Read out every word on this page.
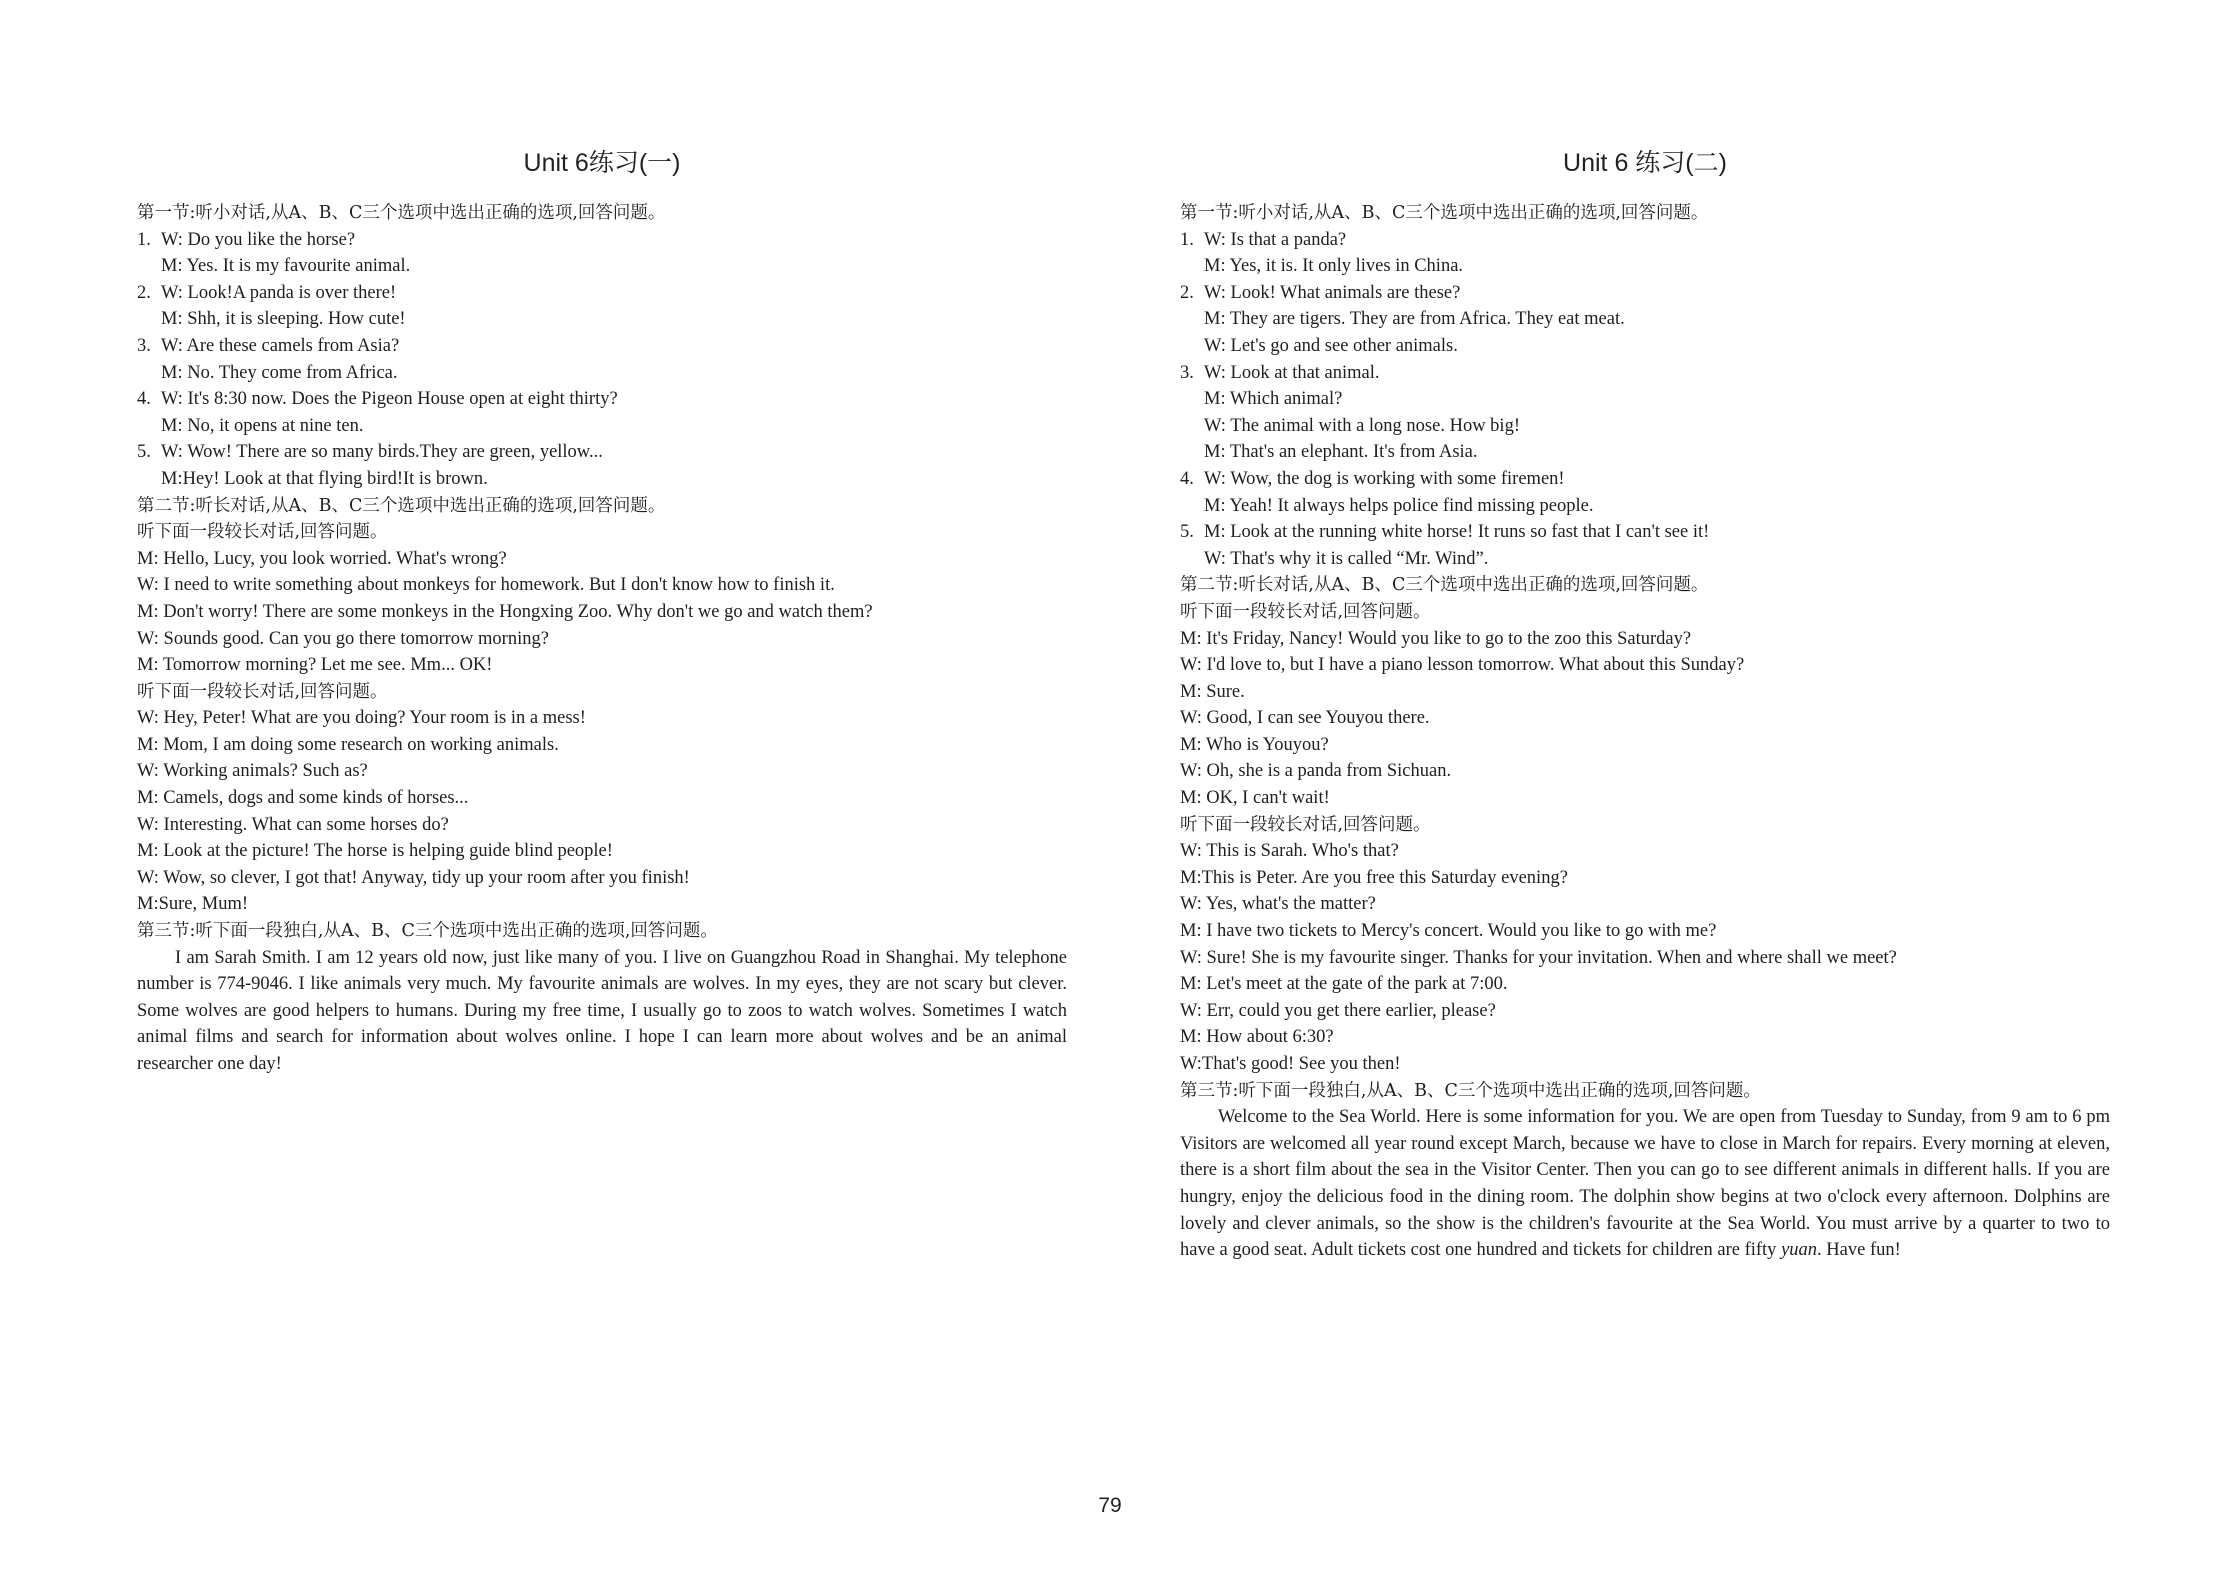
Unit 6练习(一)
第一节:听小对话,从A、B、C三个选项中选出正确的选项,回答问题。
1. W: Do you like the horse?
M: Yes. It is my favourite animal.
2. W: Look!A panda is over there!
M: Shh, it is sleeping. How cute!
3. W: Are these camels from Asia?
M: No. They come from Africa.
4. W: It's 8:30 now. Does the Pigeon House open at eight thirty?
M: No, it opens at nine ten.
5. W: Wow! There are so many birds.They are green, yellow...
M:Hey! Look at that flying bird!It is brown.
第二节:听长对话,从A、B、C三个选项中选出正确的选项,回答问题。
听下面一段较长对话,回答问题。
M: Hello, Lucy, you look worried. What's wrong?
W: I need to write something about monkeys for homework. But I don't know how to finish it.
M: Don't worry! There are some monkeys in the Hongxing Zoo. Why don't we go and watch them?
W: Sounds good. Can you go there tomorrow morning?
M: Tomorrow morning? Let me see. Mm... OK!
听下面一段较长对话,回答问题。
W: Hey, Peter! What are you doing? Your room is in a mess!
M: Mom, I am doing some research on working animals.
W: Working animals? Such as?
M: Camels, dogs and some kinds of horses...
W: Interesting. What can some horses do?
M: Look at the picture! The horse is helping guide blind people!
W: Wow, so clever, I got that! Anyway, tidy up your room after you finish!
M:Sure, Mum!
第三节:听下面一段独白,从A、B、C三个选项中选出正确的选项,回答问题。

I am Sarah Smith. I am 12 years old now, just like many of you. I live on Guangzhou Road in Shanghai. My telephone number is 774-9046. I like animals very much. My favourite animals are wolves. In my eyes, they are not scary but clever. Some wolves are good helpers to humans. During my free time, I usually go to zoos to watch wolves. Sometimes I watch animal films and search for information about wolves online. I hope I can learn more about wolves and be an animal researcher one day!

Unit 6 练习(二)
第一节:听小对话,从A、B、C三个选项中选出正确的选项,回答问题。
1. W: Is that a panda?
M: Yes, it is. It only lives in China.
2. W: Look! What animals are these?
M: They are tigers. They are from Africa. They eat meat.
W: Let's go and see other animals.
3. W: Look at that animal.
M: Which animal?
W: The animal with a long nose. How big!
M: That's an elephant. It's from Asia.
4. W: Wow, the dog is working with some firemen!
M: Yeah! It always helps police find missing people.
5. M: Look at the running white horse! It runs so fast that I can't see it!
W: That's why it is called “Mr. Wind”.
第二节:听长对话,从A、B、C三个选项中选出正确的选项,回答问题。
听下面一段较长对话,回答问题。
M: It's Friday, Nancy! Would you like to go to the zoo this Saturday?
W: I'd love to, but I have a piano lesson tomorrow. What about this Sunday?
M: Sure.
W: Good, I can see Youyou there.
M: Who is Youyou?
W: Oh, she is a panda from Sichuan.
M: OK, I can't wait!
听下面一段较长对话,回答问题。
W: This is Sarah. Who's that?
M:This is Peter. Are you free this Saturday evening?
W: Yes, what's the matter?
M: I have two tickets to Mercy's concert. Would you like to go with me?
W: Sure! She is my favourite singer. Thanks for your invitation. When and where shall we meet?
M: Let's meet at the gate of the park at 7:00.
W: Err, could you get there earlier, please?
M: How about 6:30?
W:That's good! See you then!
第三节:听下面一段独白,从A、B、C三个选项中选出正确的选项,回答问题。

Welcome to the Sea World. Here is some information for you. We are open from Tuesday to Sunday, from 9 am to 6 pm Visitors are welcomed all year round except March, because we have to close in March for repairs. Every morning at eleven, there is a short film about the sea in the Visitor Center. Then you can go to see different animals in different halls. If you are hungry, enjoy the delicious food in the dining room. The dolphin show begins at two o'clock every afternoon. Dolphins are lovely and clever animals, so the show is the children's favourite at the Sea World. You must arrive by a quarter to two to have a good seat. Adult tickets cost one hundred and tickets for children are fifty yuan. Have fun!

79
